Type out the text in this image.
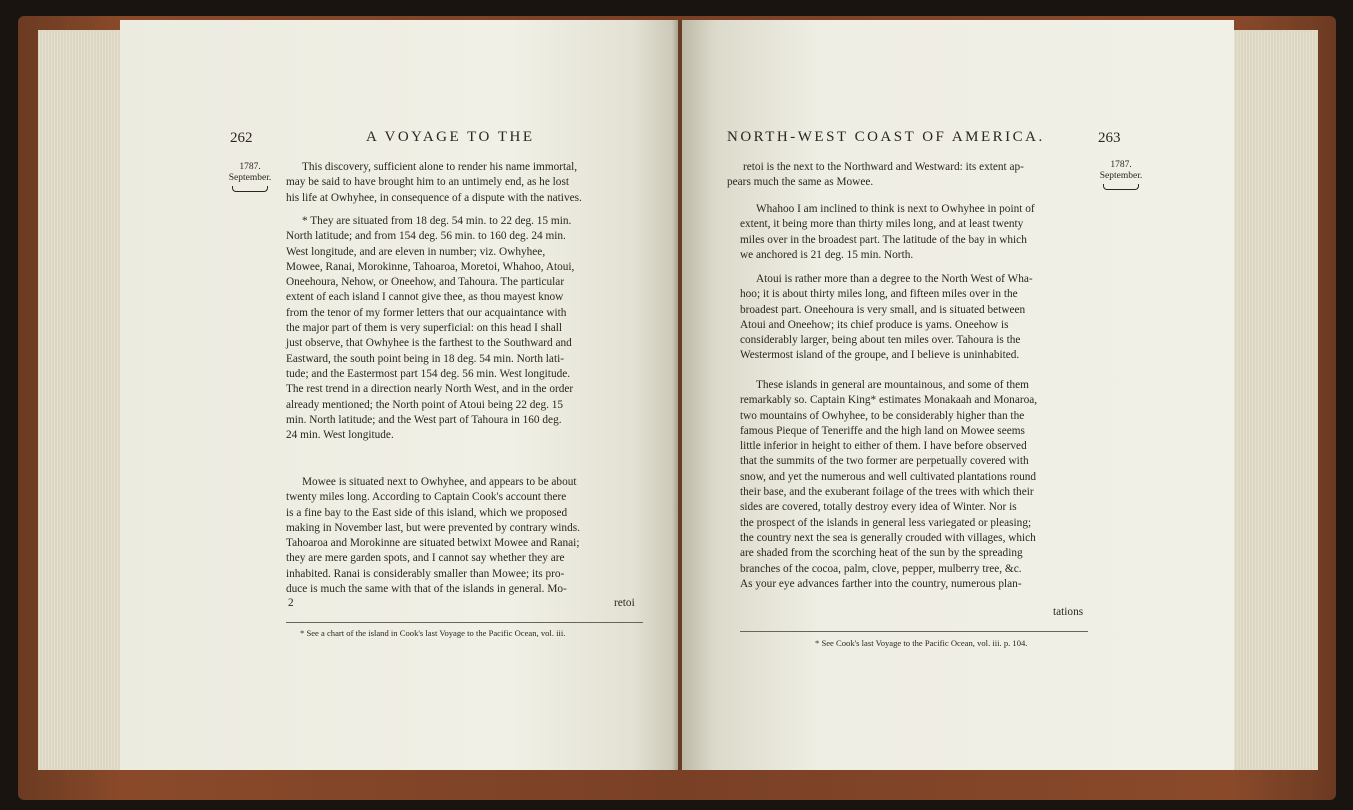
262	A VOYAGE TO THE
1787.
September.
This discovery, sufficient alone to render his name immortal,
may be said to have brought him to an untimely end, as he lost
his life at Owhyhee, in consequence of a dispute with the natives.
* They are situated from 18 deg. 54 min. to 22 deg. 15 min.
North latitude; and from 154 deg. 56 min. to 160 deg. 24 min.
West longitude, and are eleven in number; viz. Owhyhee,
Mowee, Ranai, Morokinne, Tahoaroa, Moretoi, Whahoo, Atoui,
Oneehoura, Nehow, or Oneehow, and Tahoura. The particular
extent of each island I cannot give thee, as thou mayest know
from the tenor of my former letters that our acquaintance with
the major part of them is very superficial: on this head I shall
just observe, that Owhyhee is the farthest to the Southward and
Eastward, the south point being in 18 deg. 54 min. North lati-
tude; and the Eastermost part 154 deg. 56 min. West longitude.
The rest trend in a direction nearly North West, and in the order
already mentioned; the North point of Atoui being 22 deg. 15
min. North latitude; and the West part of Tahoura in 160 deg.
24 min. West longitude.
Mowee is situated next to Owhyhee, and appears to be about
twenty miles long. According to Captain Cook's account there
is a fine bay to the East side of this island, which we proposed
making in November last, but were prevented by contrary winds.
Tahoaroa and Morokinne are situated betwixt Mowee and Ranai;
they are mere garden spots, and I cannot say whether they are
inhabited. Ranai is considerably smaller than Mowee; its pro-
duce is much the same with that of the islands in general. Mo-
2	retoi
* See a chart of the island in Cook's last Voyage to the Pacific Ocean, vol. iii.
NORTH-WEST COAST OF AMERICA.	263
1787.
September.
retoi is the next to the Northward and Westward: its extent ap-
pears much the same as Mowee.
Whahoo I am inclined to think is next to Owhyhee in point of
extent, it being more than thirty miles long, and at least twenty
miles over in the broadest part. The latitude of the bay in which
we anchored is 21 deg. 15 min. North.
Atoui is rather more than a degree to the North West of Wha-
hoo; it is about thirty miles long, and fifteen miles over in the
broadest part. Oneehoura is very small, and is situated between
Atoui and Oneehow; its chief produce is yams. Oneehow is
considerably larger, being about ten miles over. Tahoura is the
Westermost island of the groupe, and I believe is uninhabited.
These islands in general are mountainous, and some of them
remarkably so. Captain King* estimates Monakaah and Monaroa,
two mountains of Owhyhee, to be considerably higher than the
famous Pieque of Teneriffe and the high land on Mowee seems
little inferior in height to either of them. I have before observed
that the summits of the two former are perpetually covered with
snow, and yet the numerous and well cultivated plantations round
their base, and the exuberant foilage of the trees with which their
sides are covered, totally destroy every idea of Winter. Nor is
the prospect of the islands in general less variegated or pleasing;
the country next the sea is generally crouded with villages, which
are shaded from the scorching heat of the sun by the spreading
branches of the cocoa, palm, clove, pepper, mulberry tree, &c.
As your eye advances farther into the country, numerous plan-
tations
* See Cook's last Voyage to the Pacific Ocean, vol. iii. p. 104.
